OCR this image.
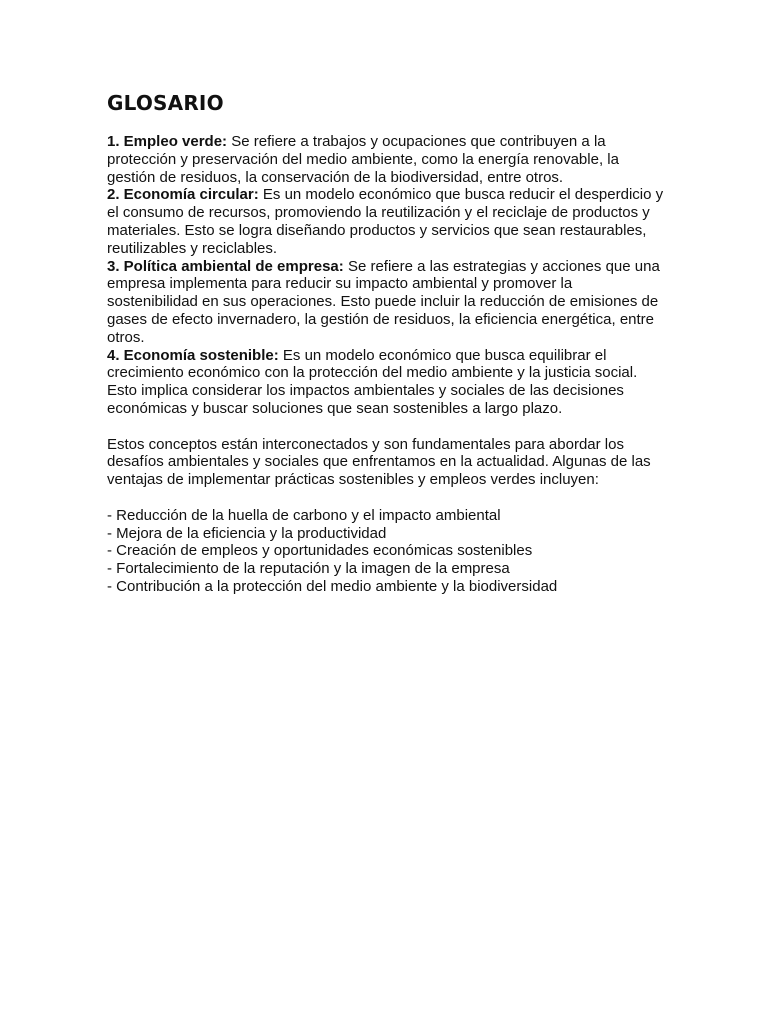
GLOSARIO

1. Empleo verde: Se refiere a trabajos y ocupaciones que contribuyen a la protección y preservación del medio ambiente, como la energía renovable, la gestión de residuos, la conservación de la biodiversidad, entre otros.

2. Economía circular: Es un modelo económico que busca reducir el desperdicio y el consumo de recursos, promoviendo la reutilización y el reciclaje de productos y materiales. Esto se logra diseñando productos y servicios que sean restaurables, reutilizables y reciclables.

3. Política ambiental de empresa: Se refiere a las estrategias y acciones que una empresa implementa para reducir su impacto ambiental y promover la sostenibilidad en sus operaciones. Esto puede incluir la reducción de emisiones de gases de efecto invernadero, la gestión de residuos, la eficiencia energética, entre otros.

4. Economía sostenible: Es un modelo económico que busca equilibrar el crecimiento económico con la protección del medio ambiente y la justicia social. Esto implica considerar los impactos ambientales y sociales de las decisiones económicas y buscar soluciones que sean sostenibles a largo plazo.

Estos conceptos están interconectados y son fundamentales para abordar los desafíos ambientales y sociales que enfrentamos en la actualidad. Algunas de las ventajas de implementar prácticas sostenibles y empleos verdes incluyen:

- Reducción de la huella de carbono y el impacto ambiental
- Mejora de la eficiencia y la productividad
- Creación de empleos y oportunidades económicas sostenibles
- Fortalecimiento de la reputación y la imagen de la empresa
- Contribución a la protección del medio ambiente y la biodiversidad
